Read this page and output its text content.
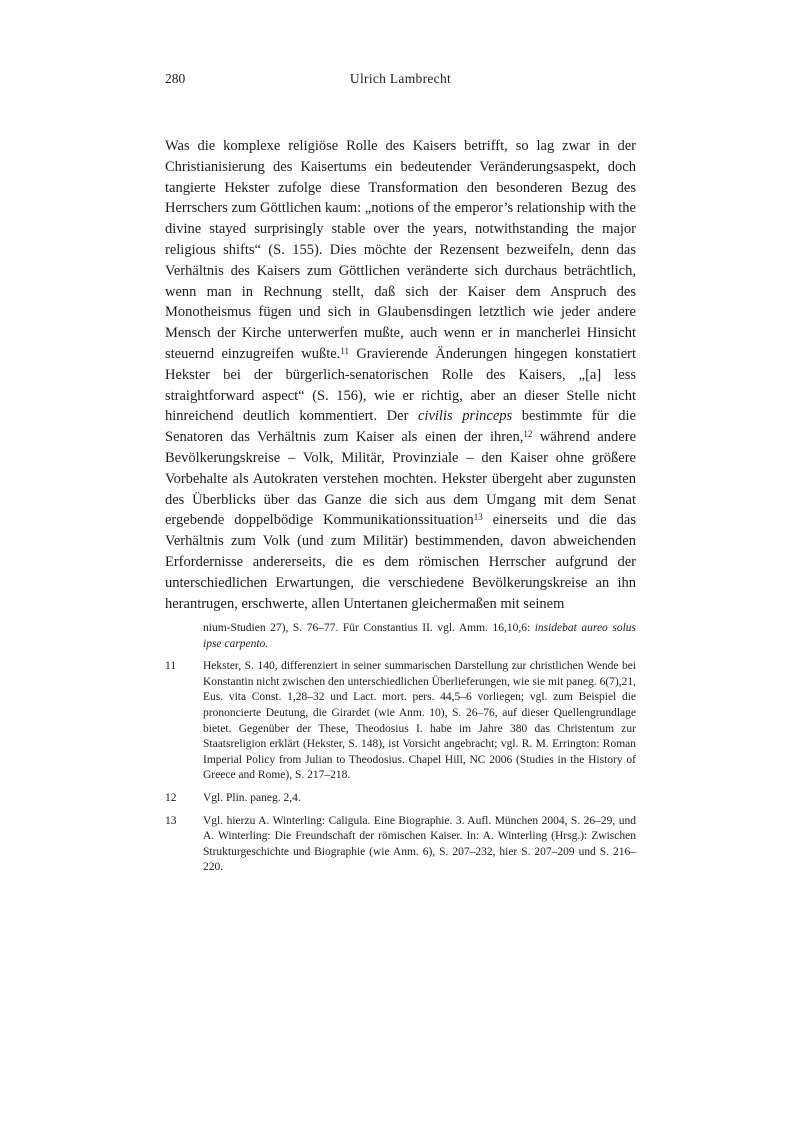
280	Ulrich Lambrecht

Was die komplexe religiöse Rolle des Kaisers betrifft, so lag zwar in der Christianisierung des Kaisertums ein bedeutender Veränderungsaspekt, doch tangierte Hekster zufolge diese Transformation den besonderen Bezug des Herrschers zum Göttlichen kaum: „notions of the emperor’s relationship with the divine stayed surprisingly stable over the years, notwithstanding the major religious shifts“ (S. 155). Dies möchte der Rezensent bezweifeln, denn das Verhältnis des Kaisers zum Göttlichen veränderte sich durchaus beträchtlich, wenn man in Rechnung stellt, daß sich der Kaiser dem Anspruch des Monotheismus fügen und sich in Glaubensdingen letztlich wie jeder andere Mensch der Kirche unterwerfen mußte, auch wenn er in mancherlei Hinsicht steuernd einzugreifen wußte.$^{11}$ Gravierende Änderungen hingegen konstatiert Hekster bei der bürgerlich-senatorischen Rolle des Kaisers, „[a] less straightforward aspect“ (S. 156), wie er richtig, aber an dieser Stelle nicht hinreichend deutlich kommentiert. Der civilis princeps bestimmte für die Senatoren das Verhältnis zum Kaiser als einen der ihren,$^{12}$ während andere Bevölkerungskreise – Volk, Militär, Provinziale – den Kaiser ohne größere Vorbehalte als Autokraten verstehen mochten. Hekster übergeht aber zugunsten des Überblicks über das Ganze die sich aus dem Umgang mit dem Senat ergebende doppelbödige Kommunikationssituation$^{13}$ einerseits und die das Verhältnis zum Volk (und zum Militär) bestimmenden, davon abweichenden Erfordernisse andererseits, die es dem römischen Herrscher aufgrund der unterschiedlichen Erwartungen, die verschiedene Bevölkerungskreise an ihn herantrugen, erschwerte, allen Untertanen gleichermaßen mit seinem

nium-Studien 27), S. 76–77. Für Constantius II. vgl. Amm. 16,10,6: insidebat aureo solus ipse carpento.

11	Hekster, S. 140, differenziert in seiner summarischen Darstellung zur christlichen Wende bei Konstantin nicht zwischen den unterschiedlichen Überlieferungen, wie sie mit paneg. 6(7),21, Eus. vita Const. 1,28–32 und Lact. mort. pers. 44,5–6 vorliegen; vgl. zum Beispiel die prononcierte Deutung, die Girardet (wie Anm. 10), S. 26–76, auf dieser Quellengrundlage bietet. Gegenüber der These, Theodosius I. habe im Jahre 380 das Christentum zur Staatsreligion erklärt (Hekster, S. 148), ist Vorsicht angebracht; vgl. R. M. Errington: Roman Imperial Policy from Julian to Theodosius. Chapel Hill, NC 2006 (Studies in the History of Greece and Rome), S. 217–218.
12	Vgl. Plin. paneg. 2,4.
13	Vgl. hierzu A. Winterling: Caligula. Eine Biographie. 3. Aufl. München 2004, S. 26–29, und A. Winterling: Die Freundschaft der römischen Kaiser. In: A. Winterling (Hrsg.): Zwischen Strukturgeschichte und Biographie (wie Anm. 6), S. 207–232, hier S. 207–209 und S. 216–220.
